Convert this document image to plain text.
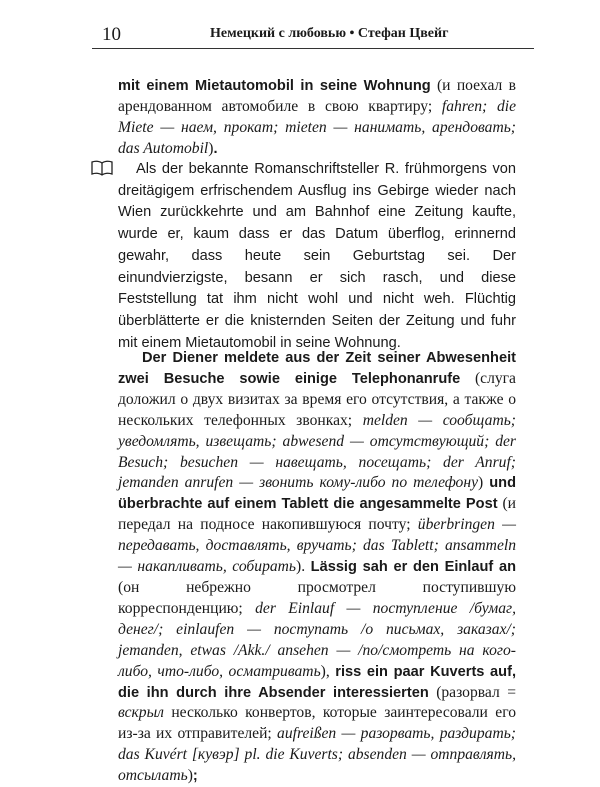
10	Немецкий с любовью • Стефан Цвейг
mit einem Mietautomobil in seine Wohnung (и поехал в арендованном автомобиле в свою квартиру; fahren; die Miete — наем, прокат; mieten — нанимать, арендовать; das Automobil).
Als der bekannte Romanschriftsteller R. frühmorgens von dreitägigem erfrischendem Ausflug ins Gebirge wieder nach Wien zurückkehrte und am Bahnhof eine Zeitung kaufte, wurde er, kaum dass er das Datum überflog, erinnernd gewahr, dass heute sein Geburtstag sei. Der einundvierzigste, besann er sich rasch, und diese Feststellung tat ihm nicht wohl und nicht weh. Flüchtig überblätterte er die knisternden Seiten der Zeitung und fuhr mit einem Mietautomobil in seine Wohnung.
Der Diener meldete aus der Zeit seiner Abwesenheit zwei Besuche sowie einige Telephonanrufe (слуга доложил о двух визитах за время его отсутствия, а также о нескольких телефонных звонках; melden — сообщать; уведомлять, извещать; abwesend — отсутствующий; der Besuch; besuchen — навещать, посещать; der Anruf; jemanden anrufen — звонить кому-либо по телефону) und überbrachte auf einem Tablett die angesammelte Post (и передал на подносе накопившуюся почту; überbringen — передавать, доставлять, вручать; das Tablett; ansammeln — накапливать, собирать). Lässig sah er den Einlauf an (он небрежно просмотрел поступившую корреспонденцию; der Einlauf — поступление /бумаг, денег/; einlaufen — поступать /о письмах, заказах/; jemanden, etwas /Akk./ ansehen — /по/смотреть на кого-либо, что-либо, осматривать), riss ein paar Kuverts auf, die ihn durch ihre Absender interessierten (разорвал = вскрыл несколько конвертов, которые заинтересовали его из-за их отправителей; aufreißen — разорвать, раздирать; das Kuvért [кувэр] pl. die Kuverts; absenden — отправлять, отсылать);
